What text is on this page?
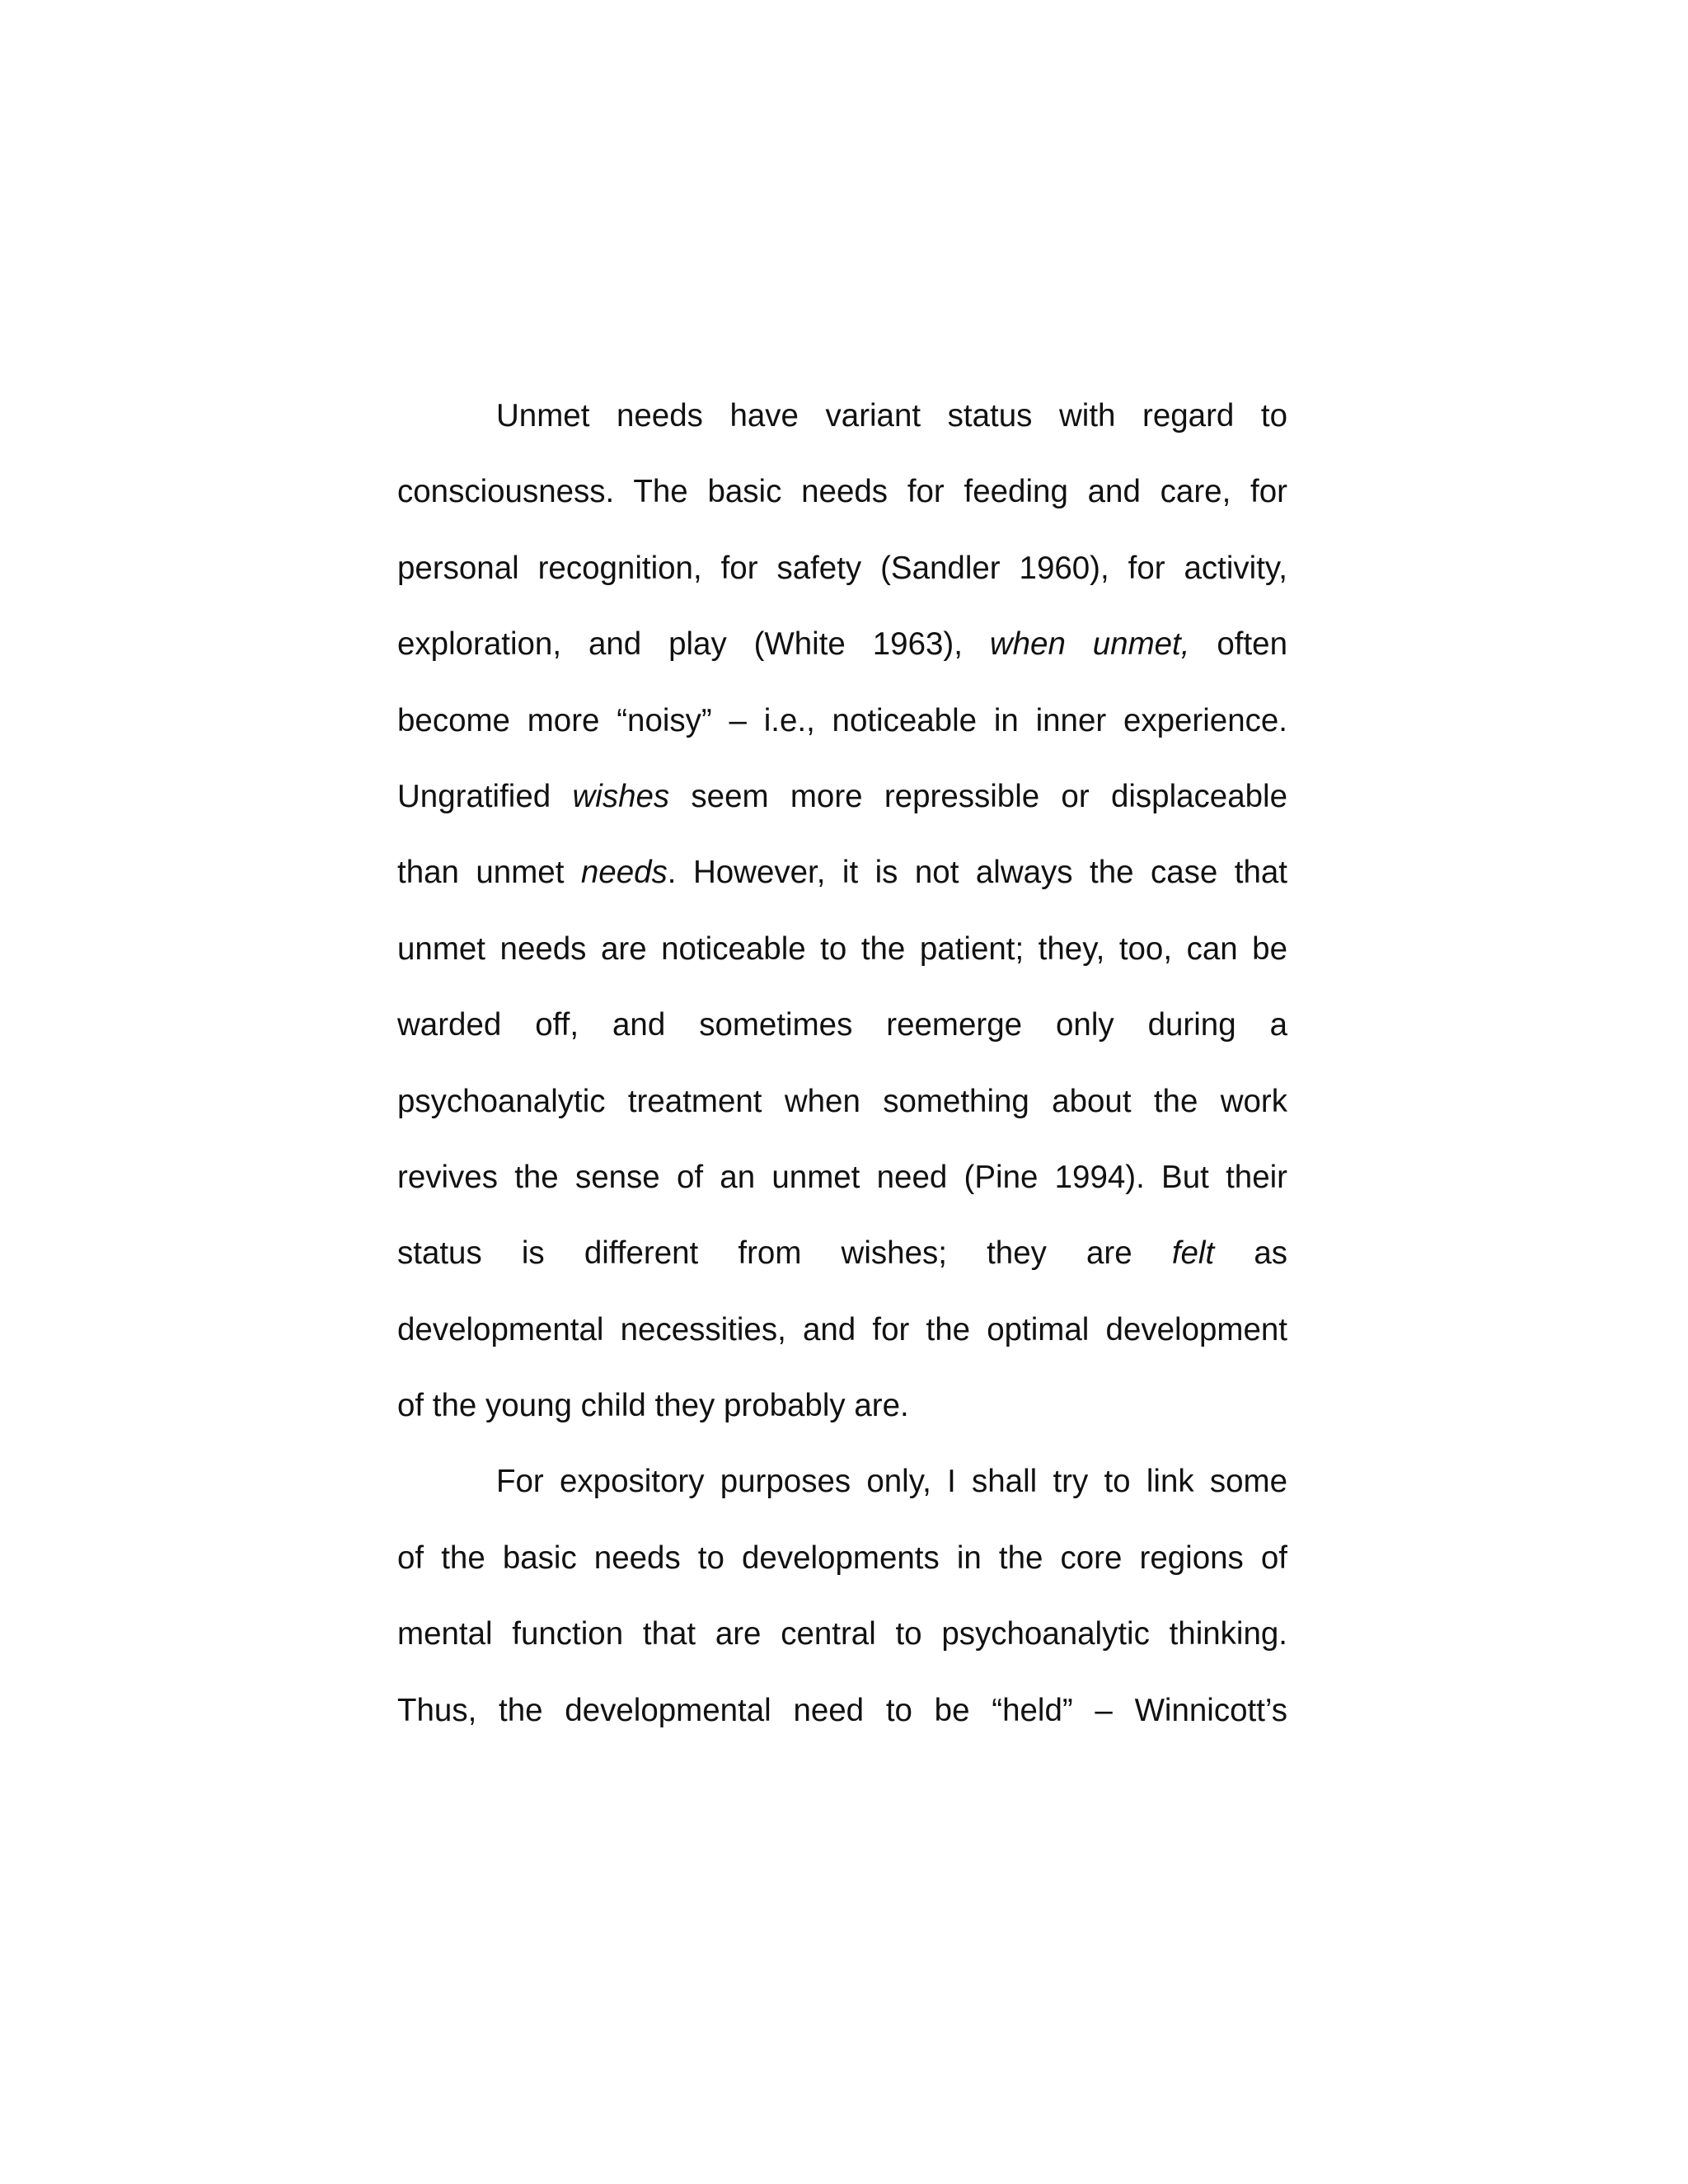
Unmet needs have variant status with regard to
consciousness. The basic needs for feeding and care, for
personal recognition, for safety (Sandler 1960), for activity,
exploration, and play (White 1963), when unmet, often
become more “noisy” – i.e., noticeable in inner experience.
Ungratified wishes seem more repressible or displaceable
than unmet needs. However, it is not always the case that
unmet needs are noticeable to the patient; they, too, can be
warded off, and sometimes reemerge only during a
psychoanalytic treatment when something about the work
revives the sense of an unmet need (Pine 1994). But their
status is different from wishes; they are felt as
developmental necessities, and for the optimal development
of the young child they probably are.
For expository purposes only, I shall try to link some
of the basic needs to developments in the core regions of
mental function that are central to psychoanalytic thinking.
Thus, the developmental need to be “held” – Winnicott’s
